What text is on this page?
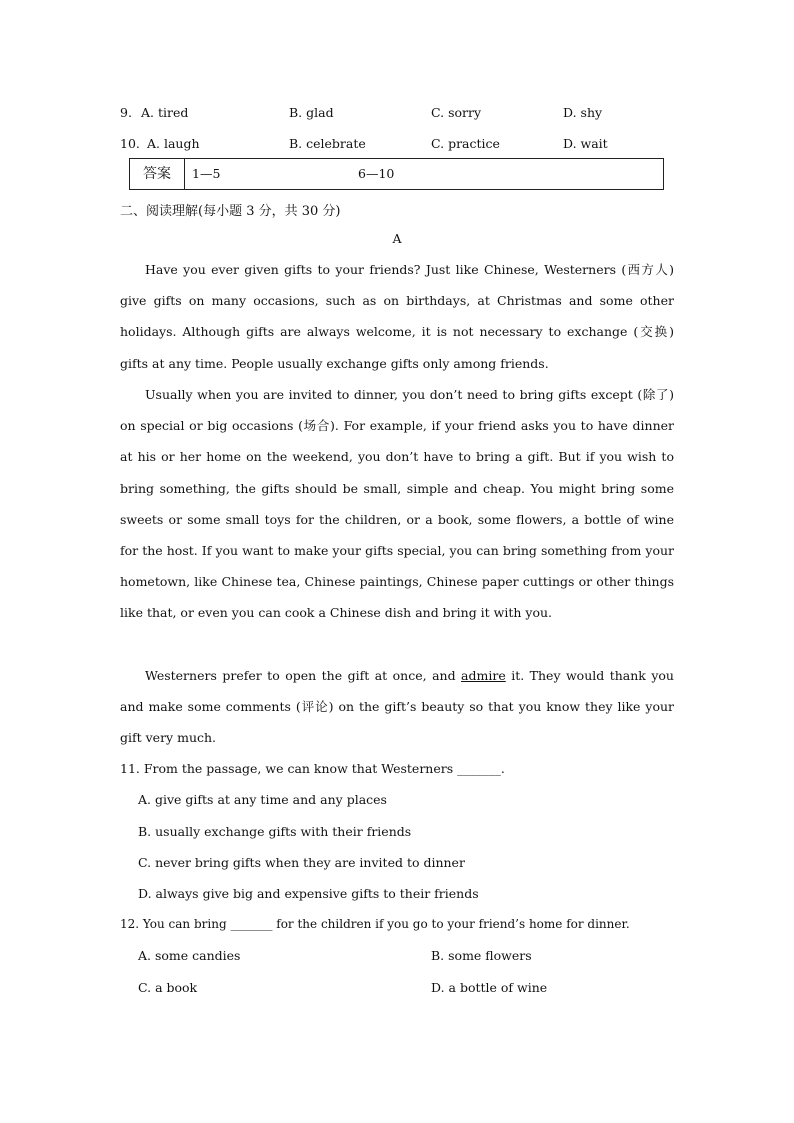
9. A. tired	B. glad	C. sorry	D. shy
10. A. laugh	B. celebrate	C. practice	D. wait
答案	1—5	6—10
二、阅读理解(每小题 3 分，共 30 分)
A
Have you ever given gifts to your friends? Just like Chinese, Westerners (西方人) give gifts on many occasions, such as on birthdays, at Christmas and some other holidays. Although gifts are always welcome, it is not necessary to exchange (交换) gifts at any time. People usually exchange gifts only among friends.
Usually when you are invited to dinner, you don’t need to bring gifts except (除了) on special or big occasions (场合). For example, if your friend asks you to have dinner at his or her home on the weekend, you don’t have to bring a gift. But if you wish to bring something, the gifts should be small, simple and cheap. You might bring some sweets or some small toys for the children, or a book, some flowers, a bottle of wine for the host. If you want to make your gifts special, you can bring something from your hometown, like Chinese tea, Chinese paintings, Chinese paper cuttings or other things like that, or even you can cook a Chinese dish and bring it with you.
Westerners prefer to open the gift at once, and admire it. They would thank you and make some comments (评论) on the gift’s beauty so that you know they like your gift very much.
11. From the passage, we can know that Westerners _______.
A. give gifts at any time and any places
B. usually exchange gifts with their friends
C. never bring gifts when they are invited to dinner
D. always give big and expensive gifts to their friends
12. You can bring _______ for the children if you go to your friend’s home for dinner.
A. some candies	B. some flowers
C. a book	D. a bottle of wine
